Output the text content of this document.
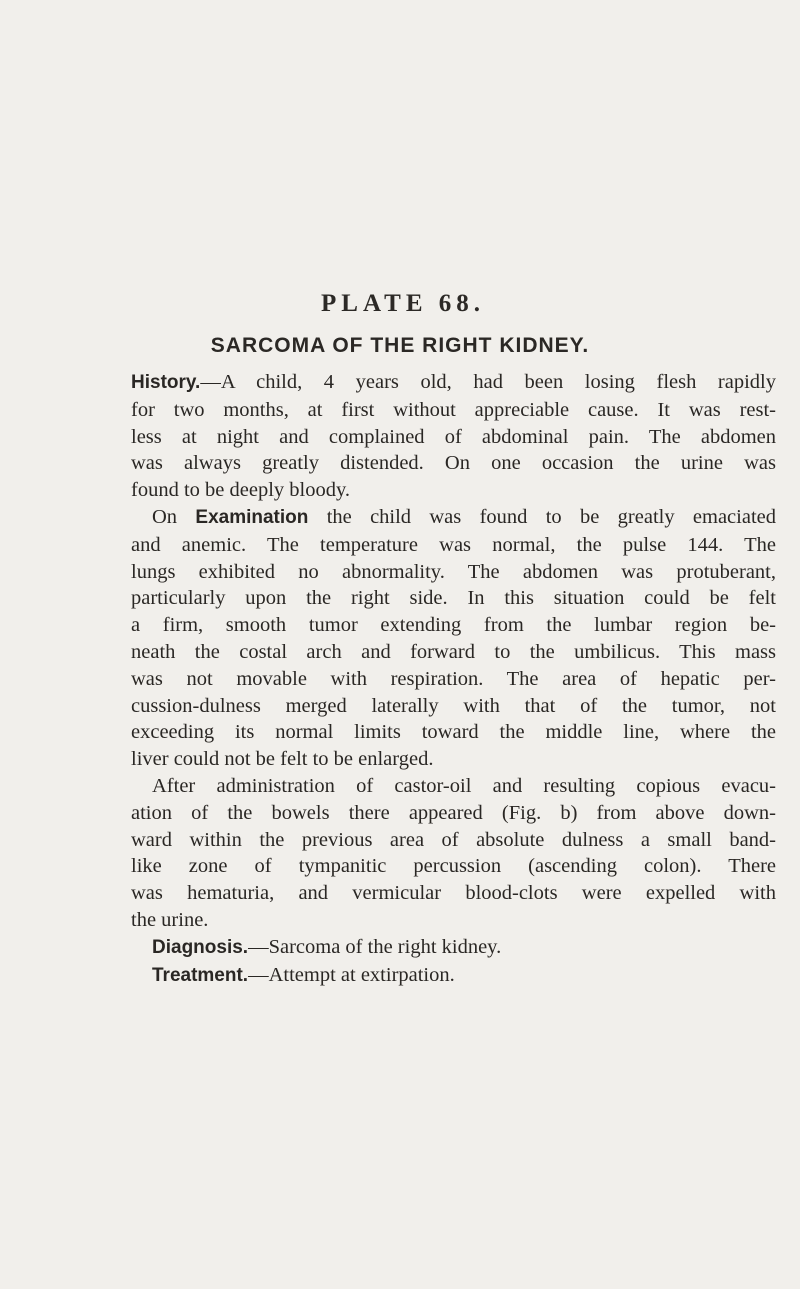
PLATE 68.
SARCOMA OF THE RIGHT KIDNEY.
History.—A child, 4 years old, had been losing flesh rapidly
for two months, at first without appreciable cause. It was rest-
less at night and complained of abdominal pain. The abdomen
was always greatly distended. On one occasion the urine was
found to be deeply bloody.
On Examination the child was found to be greatly emaciated
and anemic. The temperature was normal, the pulse 144. The
lungs exhibited no abnormality. The abdomen was protuberant,
particularly upon the right side. In this situation could be felt
a firm, smooth tumor extending from the lumbar region be-
neath the costal arch and forward to the umbilicus. This mass
was not movable with respiration. The area of hepatic per-
cussion-dulness merged laterally with that of the tumor, not
exceeding its normal limits toward the middle line, where the
liver could not be felt to be enlarged.
After administration of castor-oil and resulting copious evacu-
ation of the bowels there appeared (Fig. b) from above down-
ward within the previous area of absolute dulness a small band-
like zone of tympanitic percussion (ascending colon). There
was hematuria, and vermicular blood-clots were expelled with
the urine.
Diagnosis.—Sarcoma of the right kidney.
Treatment.—Attempt at extirpation.
